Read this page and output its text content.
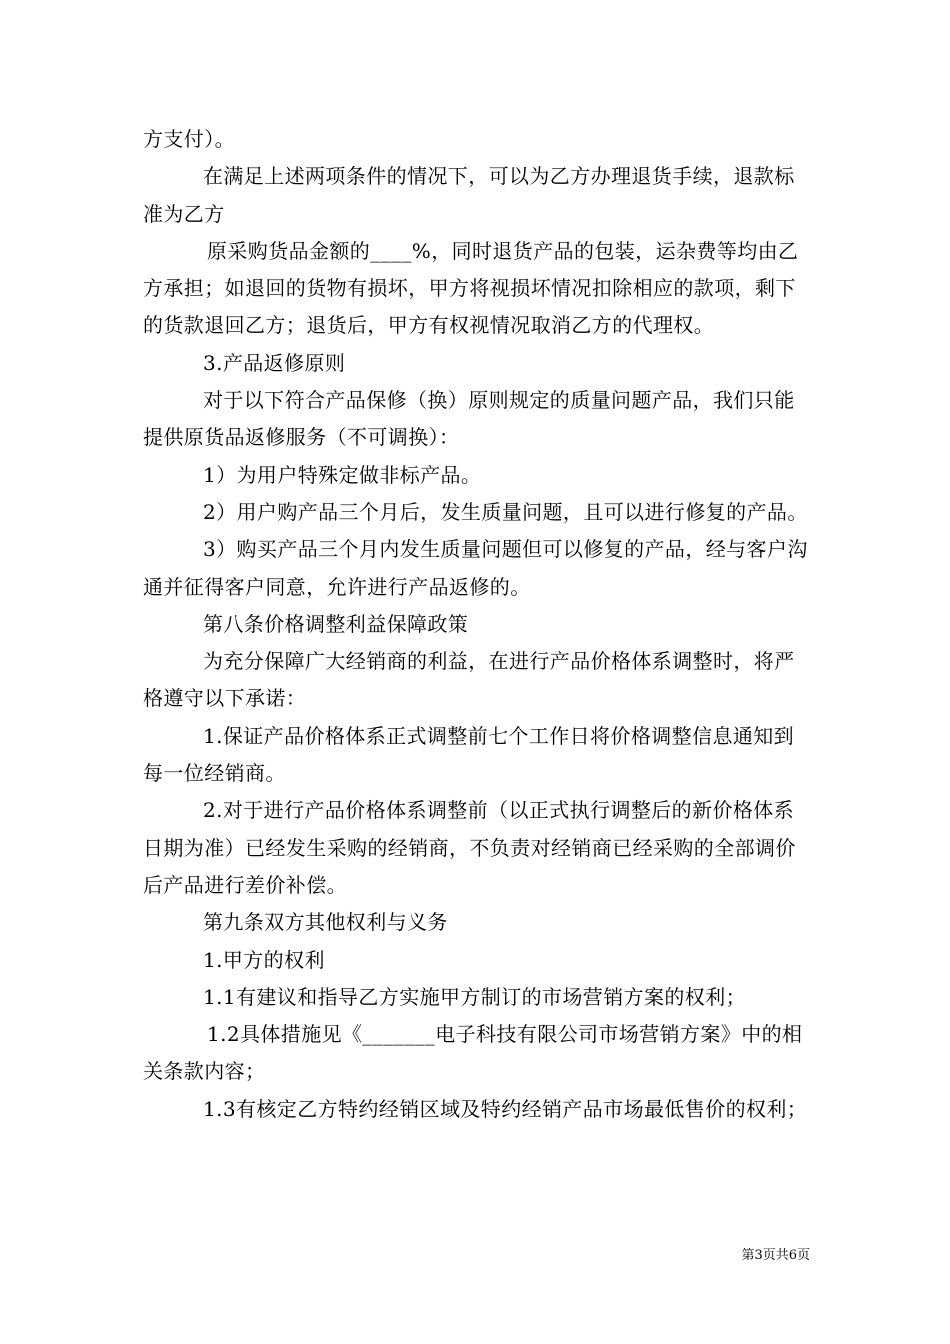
方支付）。

在满足上述两项条件的情况下，可以为乙方办理退货手续，退款标准为乙方

原采购货品金额的____%，同时退货产品的包装，运杂费等均由乙方承担；如退回的货物有损坏，甲方将视损坏情况扣除相应的款项，剩下的货款退回乙方；退货后，甲方有权视情况取消乙方的代理权。

3.产品返修原则

对于以下符合产品保修（换）原则规定的质量问题产品，我们只能提供原货品返修服务（不可调换）：

1）为用户特殊定做非标产品。

2）用户购产品三个月后，发生质量问题，且可以进行修复的产品。

3）购买产品三个月内发生质量问题但可以修复的产品，经与客户沟通并征得客户同意，允许进行产品返修的。

第八条价格调整利益保障政策

为充分保障广大经销商的利益，在进行产品价格体系调整时，将严格遵守以下承诺：

1.保证产品价格体系正式调整前七个工作日将价格调整信息通知到每一位经销商。

2.对于进行产品价格体系调整前（以正式执行调整后的新价格体系日期为准）已经发生采购的经销商，不负责对经销商已经采购的全部调价后产品进行差价补偿。

第九条双方其他权利与义务

1.甲方的权利

1.1有建议和指导乙方实施甲方制订的市场营销方案的权利；

1.2具体措施见《_______电子科技有限公司市场营销方案》中的相关条款内容；

1.3有核定乙方特约经销区域及特约经销产品市场最低售价的权利；

第3页共6页
